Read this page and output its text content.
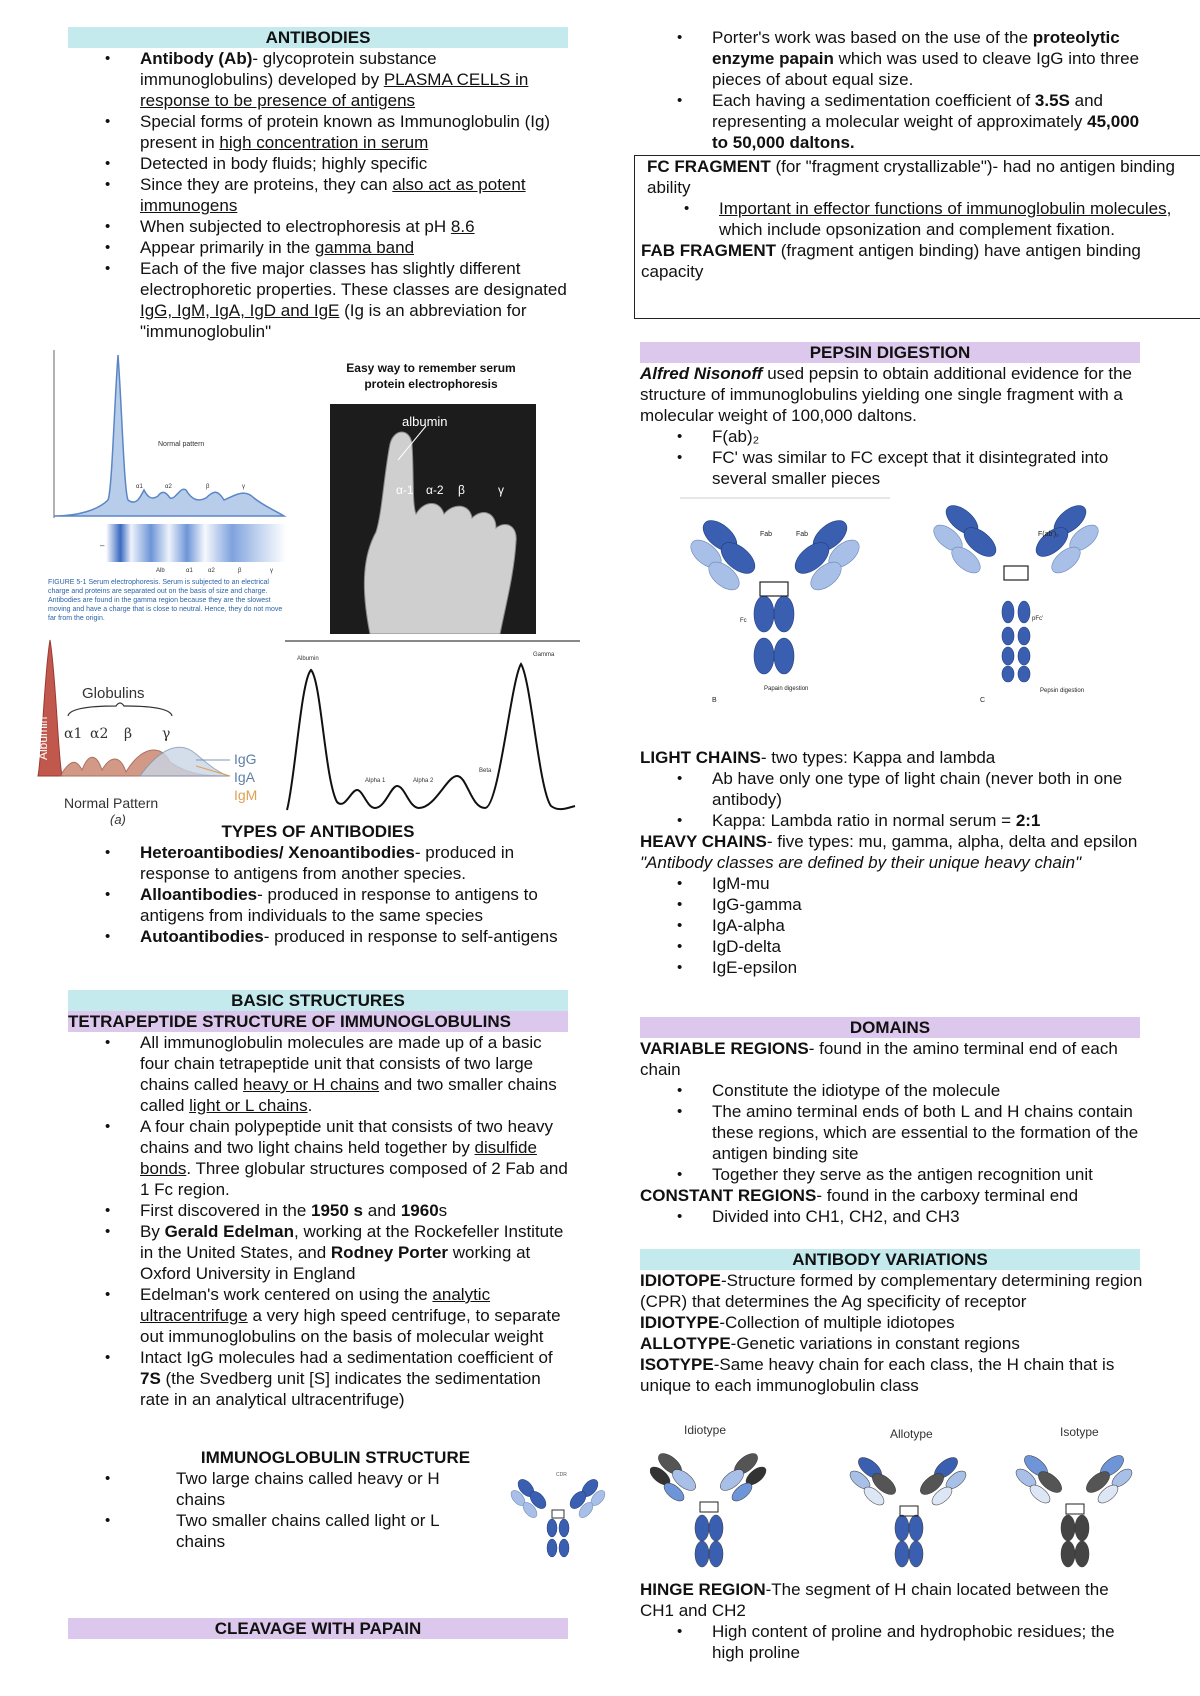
ANTIBODIES
• Antibody (Ab)- glycoprotein substance immunoglobulins) developed by PLASMA CELLS in response to be presence of antigens
• Special forms of protein known as Immunoglobulin (Ig) present in high concentration in serum
• Detected in body fluids; highly specific
• Since they are proteins, they can also act as potent immunogens
• When subjected to electrophoresis at pH 8.6
• Appear primarily in the gamma band
• Each of the five major classes has slightly different electrophoretic properties. These classes are designated IgG, IgM, IgA, IgD and IgE (Ig is an abbreviation for "immunoglobulin"
Normal pattern
α1	α2	β	γ
–
Alb	α1	α2	β	γ
FIGURE 5-1 Serum electrophoresis. Serum is subjected to an electrical charge and proteins are separated out on the basis of size and charge. Antibodies are found in the gamma region because they are the slowest moving and have a charge that is close to neutral. Hence, they do not move far from the origin.
Easy way to remember serum protein electrophoresis
albumin
α-1 α-2 β	γ
Albumin
Globulins
α1 α2 β γ
IgG
IgA
IgM
Normal Pattern
(a)
Albumin
Alpha 1	Alpha 2
Beta
Gamma
TYPES OF ANTIBODIES
• Heteroantibodies/ Xenoantibodies- produced in response to antigens from another species.
• Alloantibodies- produced in response to antigens to antigens from individuals to the same species
• Autoantibodies- produced in response to self-antigens
BASIC STRUCTURES
TETRAPEPTIDE STRUCTURE OF IMMUNOGLOBULINS
• All immunoglobulin molecules are made up of a basic four chain tetrapeptide unit that consists of two large chains called heavy or H chains and two smaller chains called light or L chains.
• A four chain polypeptide unit that consists of two heavy chains and two light chains held together by disulfide bonds. Three globular structures composed of 2 Fab and 1 Fc region.
• First discovered in the 1950 s and 1960s
• By Gerald Edelman, working at the Rockefeller Institute in the United States, and Rodney Porter working at Oxford University in England
• Edelman's work centered on using the analytic ultracentrifuge a very high speed centrifuge, to separate out immunoglobulins on the basis of molecular weight
• Intact IgG molecules had a sedimentation coefficient of 7S (the Svedberg unit [S] indicates the sedimentation rate in an analytical ultracentrifuge)
IMMUNOGLOBULIN STRUCTURE
• Two large chains called heavy or H chains
• Two smaller chains called light or L chains
CDR
CLEAVAGE WITH PAPAIN
• Porter's work was based on the use of the proteolytic enzyme papain which was used to cleave IgG into three pieces of about equal size.
• Each having a sedimentation coefficient of 3.5S and representing a molecular weight of approximately 45,000 to 50,000 daltons.

FC FRAGMENT (for "fragment crystallizable")- had no antigen binding ability

• Important in effector functions of immunoglobulin molecules, which include opsonization and complement fixation.

FAB FRAGMENT (fragment antigen binding) have antigen binding capacity

PEPSIN DIGESTION

Alfred Nisonoff used pepsin to obtain additional evidence for the structure of immunoglobulins yielding one single fragment with a molecular weight of 100,000 daltons.

• F(ab)₂
• FC' was similar to FC except that it disintegrated into several smaller pieces
Fab	Fab
Fc
Papain digestion
B
F(ab')₂
pFc'
Pepsin digestion
C

LIGHT CHAINS- two types: Kappa and lambda

• Ab have only one type of light chain (never both in one antibody)
• Kappa: Lambda ratio in normal serum = 2:1

HEAVY CHAINS- five types: mu, gamma, alpha, delta and epsilon

"Antibody classes are defined by their unique heavy chain"

• IgM-mu
• IgG-gamma
• IgA-alpha
• IgD-delta
• IgE-epsilon
DOMAINS

VARIABLE REGIONS- found in the amino terminal end of each chain

• Constitute the idiotype of the molecule
• The amino terminal ends of both L and H chains contain these regions, which are essential to the formation of the antigen binding site
• Together they serve as the antigen recognition unit

CONSTANT REGIONS- found in the carboxy terminal end

• Divided into CH1, CH2, and CH3
ANTIBODY VARIATIONS

IDIOTOPE-Structure formed by complementary determining region (CPR) that determines the Ag specificity of receptor

IDIOTYPE-Collection of multiple idiotopes

ALLOTYPE-Genetic variations in constant regions

ISOTYPE-Same heavy chain for each class, the H chain that is unique to each immunoglobulin class

Idiotype	Allotype	Isotype

HINGE REGION-The segment of H chain located between the CH1 and CH2

• High content of proline and hydrophobic residues; the high proline
